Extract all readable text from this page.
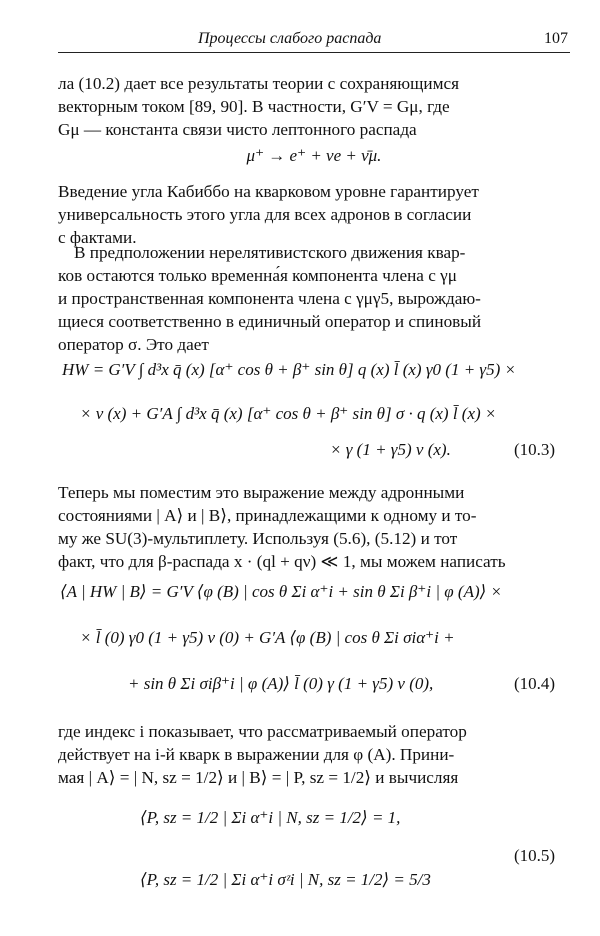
Процессы слабого распада	107
ла (10.2) дает все результаты теории с сохраняющимся
векторным током [89, 90]. В частности, G′V = Gμ, где
Gμ — константа связи чисто лептонного распада
μ⁺ → e⁺ + νe + ν̄μ.
Введение угла Кабиббо на кварковом уровне гарантирует
универсальность этого угла для всех адронов в согласии
с фактами.
В предположении нерелятивистского движения квар-
ков остаются только временна́я компонента члена с γμ
и пространственная компонента члена с γμγ5, вырождаю-
щиеся соответственно в единичный оператор и спиновый
оператор σ. Это дает
HW = G′V ∫ d³x q̄ (x) [α⁺ cos θ + β⁺ sin θ] q (x) l̄ (x) γ0 (1 + γ5) ×
× ν (x) + G′A ∫ d³x q̄ (x) [α⁺ cos θ + β⁺ sin θ] σ · q (x) l̄ (x) ×
× γ (1 + γ5) ν (x).	(10.3)
Теперь мы поместим это выражение между адронными
состояниями | A⟩ и | B⟩, принадлежащими к одному и то-
му же SU(3)-мультиплету. Используя (5.6), (5.12) и тот
факт, что для β-распада x · (ql + qν) ≪ 1, мы можем написать
⟨A | HW | B⟩ = G′V ⟨φ (B) | cos θ Σi α⁺i + sin θ Σi β⁺i | φ (A)⟩ ×
× l̄ (0) γ0 (1 + γ5) ν (0) + G′A ⟨φ (B) | cos θ Σi σiα⁺i +
+ sin θ Σi σiβ⁺i | φ (A)⟩ l̄ (0) γ (1 + γ5) ν (0),	(10.4)
где индекс i показывает, что рассматриваемый оператор
действует на i-й кварк в выражении для φ (A). Прини-
мая | A⟩ = | N, sz = 1/2⟩ и | B⟩ = | P, sz = 1/2⟩ и вычисляя
⟨P, sz = 1/2 | Σi α⁺i | N, sz = 1/2⟩ = 1,
⟨P, sz = 1/2 | Σi α⁺i σᶻi | N, sz = 1/2⟩ = 5/3
(10.5)
